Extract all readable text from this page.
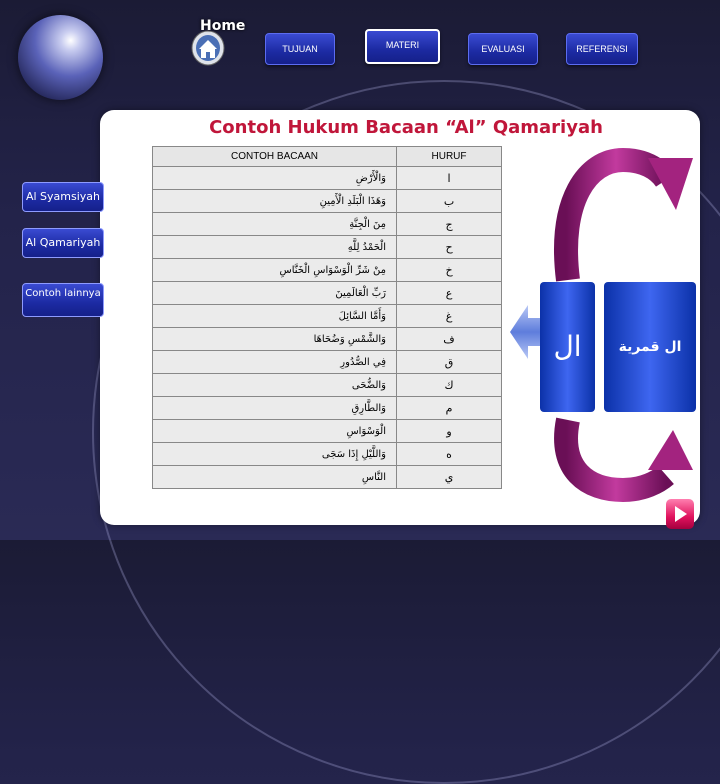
Home
TUJUAN	MATERI	EVALUASI	REFERENSI
Contoh Hukum Bacaan “Al” Qamariyah
Al Syamsiyah
Al Qamariyah
Contoh lainnya
CONTOH BACAAN	HURUF
وَالْأَرْضِ	ا
وَهَذَا الْبَلَدِ الْأَمِينِ	ب
مِنَ الْجِنَّةِ	ج
الْحَمْدُ لِلَّهِ	ح
مِنْ شَرِّ الْوَسْوَاسِ الْخَنَّاسِ	خ
رَبِّ الْعَالَمِينَ	ع
وَأَمَّا السَّائِلَ	غ
وَالشَّمْسِ وَضُحَاهَا	ف
فِي الصُّدُورِ	ق
وَالضُّحَى	ك
وَالطَّارِقِ	م
الْوَسْوَاسِ	و
وَاللَّيْلِ إِذَا سَجَى	ه
النَّاسِ	ي
ال	ال قمرية
Back
